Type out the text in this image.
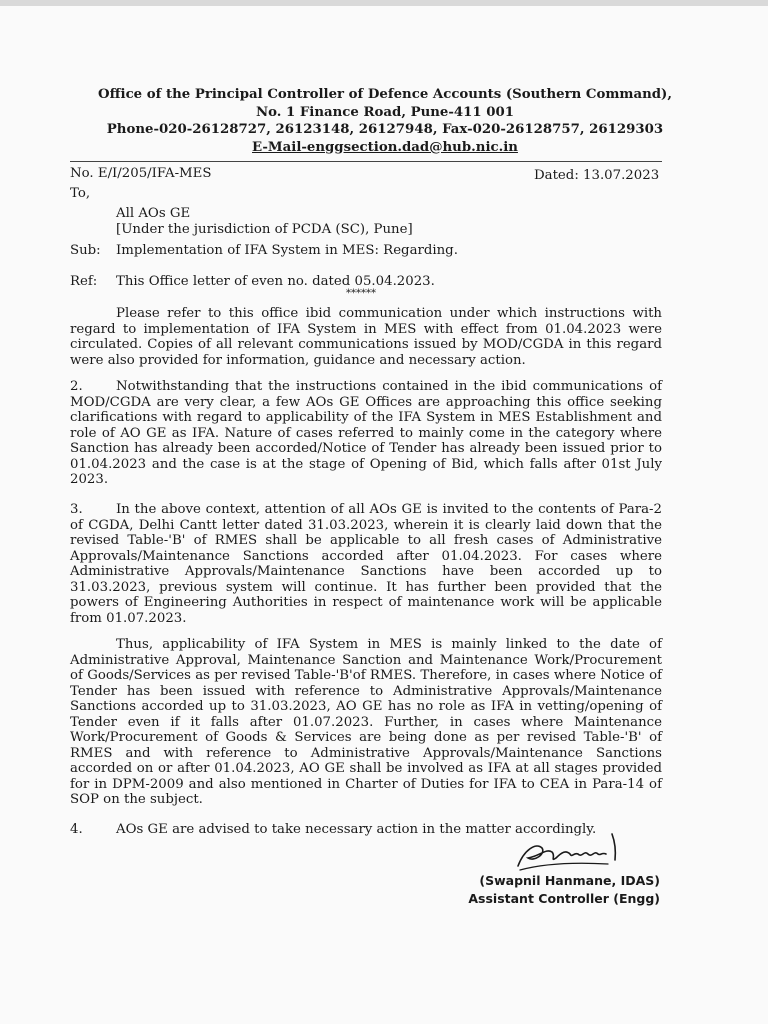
Office of the Principal Controller of Defence Accounts (Southern Command),
No. 1 Finance Road, Pune-411 001
Phone-020-26128727, 26123148, 26127948, Fax-020-26128757, 26129303
E-Mail-enggsection.dad@hub.nic.in
No. E/I/205/IFA-MES	Dated: 13.07.2023
To,
All AOs GE
[Under the jurisdiction of PCDA (SC), Pune]
Sub: Implementation of IFA System in MES: Regarding.
Ref: This Office letter of even no. dated 05.04.2023.
******
Please refer to this office ibid communication under which instructions with regard to implementation of IFA System in MES with effect from 01.04.2023 were circulated. Copies of all relevant communications issued by MOD/CGDA in this regard were also provided for information, guidance and necessary action.
2.	Notwithstanding that the instructions contained in the ibid communications of MOD/CGDA are very clear, a few AOs GE Offices are approaching this office seeking clarifications with regard to applicability of the IFA System in MES Establishment and role of AO GE as IFA. Nature of cases referred to mainly come in the category where Sanction has already been accorded/Notice of Tender has already been issued prior to 01.04.2023 and the case is at the stage of Opening of Bid, which falls after 01st July 2023.
3.	In the above context, attention of all AOs GE is invited to the contents of Para-2 of CGDA, Delhi Cantt letter dated 31.03.2023, wherein it is clearly laid down that the revised Table-'B' of RMES shall be applicable to all fresh cases of Administrative Approvals/Maintenance Sanctions accorded after 01.04.2023. For cases where Administrative Approvals/Maintenance Sanctions have been accorded up to 31.03.2023, previous system will continue. It has further been provided that the powers of Engineering Authorities in respect of maintenance work will be applicable from 01.07.2023.
Thus, applicability of IFA System in MES is mainly linked to the date of Administrative Approval, Maintenance Sanction and Maintenance Work/Procurement of Goods/Services as per revised Table-'B'of RMES. Therefore, in cases where Notice of Tender has been issued with reference to Administrative Approvals/Maintenance Sanctions accorded up to 31.03.2023, AO GE has no role as IFA in vetting/opening of Tender even if it falls after 01.07.2023. Further, in cases where Maintenance Work/Procurement of Goods & Services are being done as per revised Table-'B' of RMES and with reference to Administrative Approvals/Maintenance Sanctions accorded on or after 01.04.2023, AO GE shall be involved as IFA at all stages provided for in DPM-2009 and also mentioned in Charter of Duties for IFA to CEA in Para-14 of SOP on the subject.
4.	AOs GE are advised to take necessary action in the matter accordingly.
(Swapnil Hanmane, IDAS)
Assistant Controller (Engg)
